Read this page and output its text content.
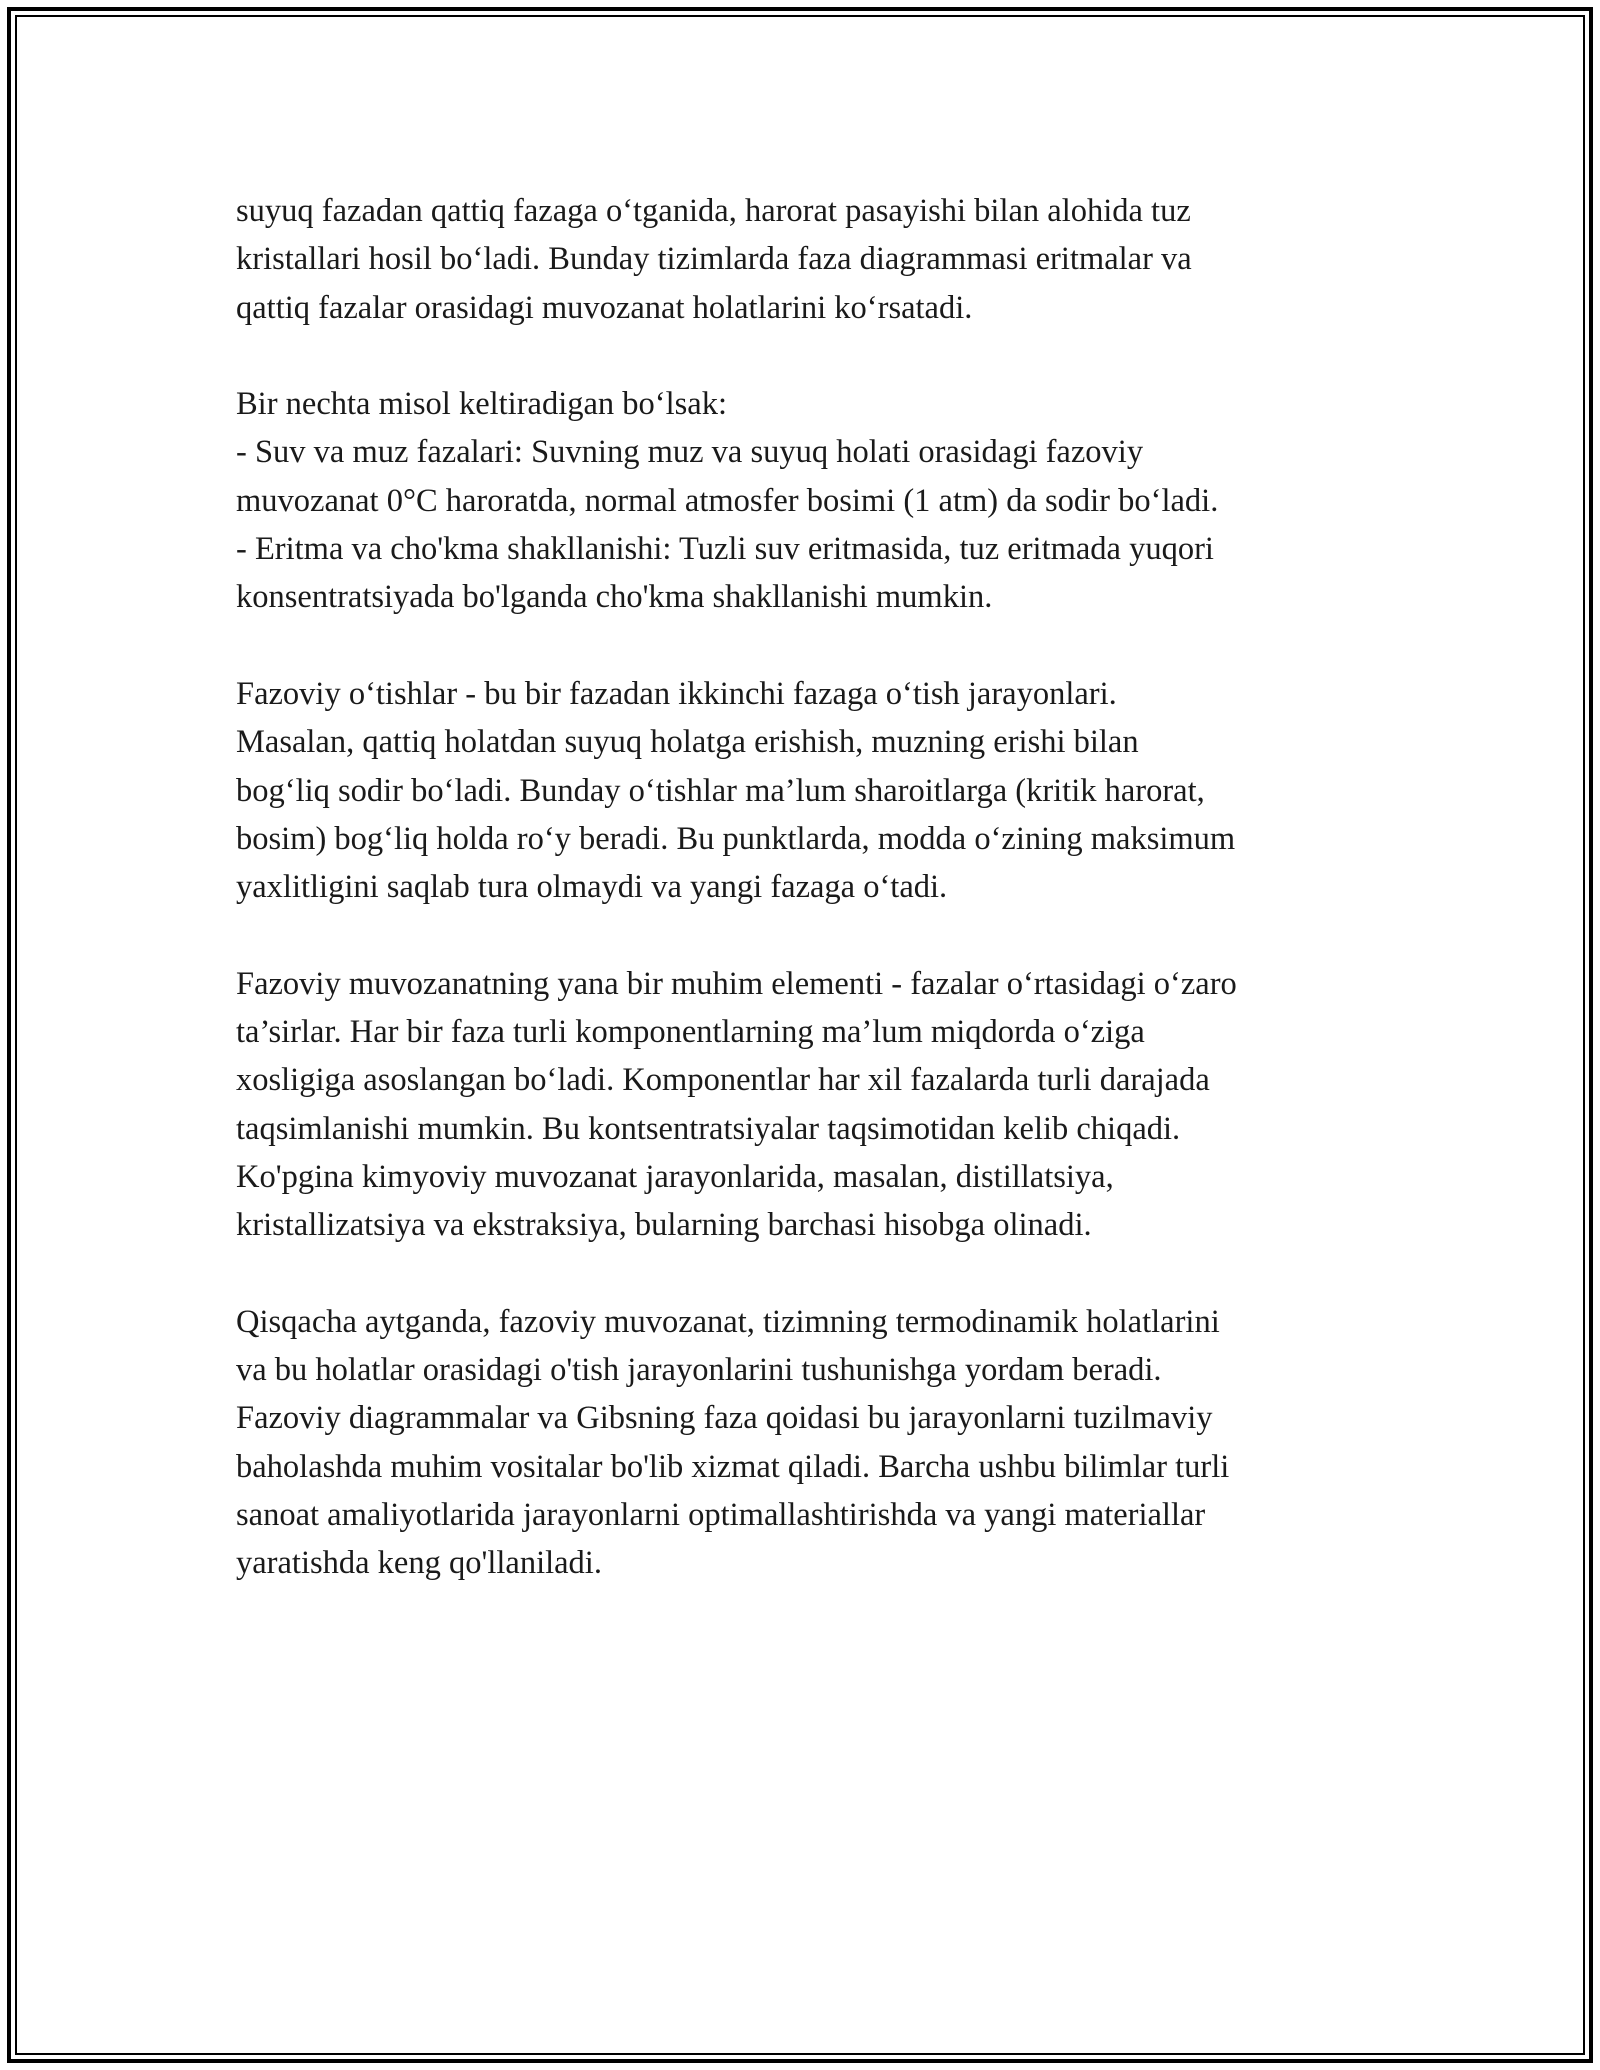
suyuq fazadan qattiq fazaga o‘tganida, harorat pasayishi bilan alohida tuz
kristallari hosil bo‘ladi. Bunday tizimlarda faza diagrammasi eritmalar va
qattiq fazalar orasidagi muvozanat holatlarini ko‘rsatadi.

Bir nechta misol keltiradigan bo‘lsak:
- Suv va muz fazalari: Suvning muz va suyuq holati orasidagi fazoviy
muvozanat 0°C haroratda, normal atmosfer bosimi (1 atm) da sodir bo‘ladi.
- Eritma va cho'kma shakllanishi: Tuzli suv eritmasida, tuz eritmada yuqori
konsentratsiyada bo'lganda cho'kma shakllanishi mumkin.

Fazoviy o‘tishlar - bu bir fazadan ikkinchi fazaga o‘tish jarayonlari.
Masalan, qattiq holatdan suyuq holatga erishish, muzning erishi bilan
bog‘liq sodir bo‘ladi. Bunday o‘tishlar ma’lum sharoitlarga (kritik harorat,
bosim) bog‘liq holda ro‘y beradi. Bu punktlarda, modda o‘zining maksimum
yaxlitligini saqlab tura olmaydi va yangi fazaga o‘tadi.

Fazoviy muvozanatning yana bir muhim elementi - fazalar o‘rtasidagi o‘zaro
ta’sirlar. Har bir faza turli komponentlarning ma’lum miqdorda o‘ziga
xosligiga asoslangan bo‘ladi. Komponentlar har xil fazalarda turli darajada
taqsimlanishi mumkin. Bu kontsentratsiyalar taqsimotidan kelib chiqadi.
Ko'pgina kimyoviy muvozanat jarayonlarida, masalan, distillatsiya,
kristallizatsiya va ekstraksiya, bularning barchasi hisobga olinadi.

Qisqacha aytganda, fazoviy muvozanat, tizimning termodinamik holatlarini
va bu holatlar orasidagi o'tish jarayonlarini tushunishga yordam beradi.
Fazoviy diagrammalar va Gibsning faza qoidasi bu jarayonlarni tuzilmaviy
baholashda muhim vositalar bo'lib xizmat qiladi. Barcha ushbu bilimlar turli
sanoat amaliyotlarida jarayonlarni optimallashtirishda va yangi materiallar
yaratishda keng qo'llaniladi.
